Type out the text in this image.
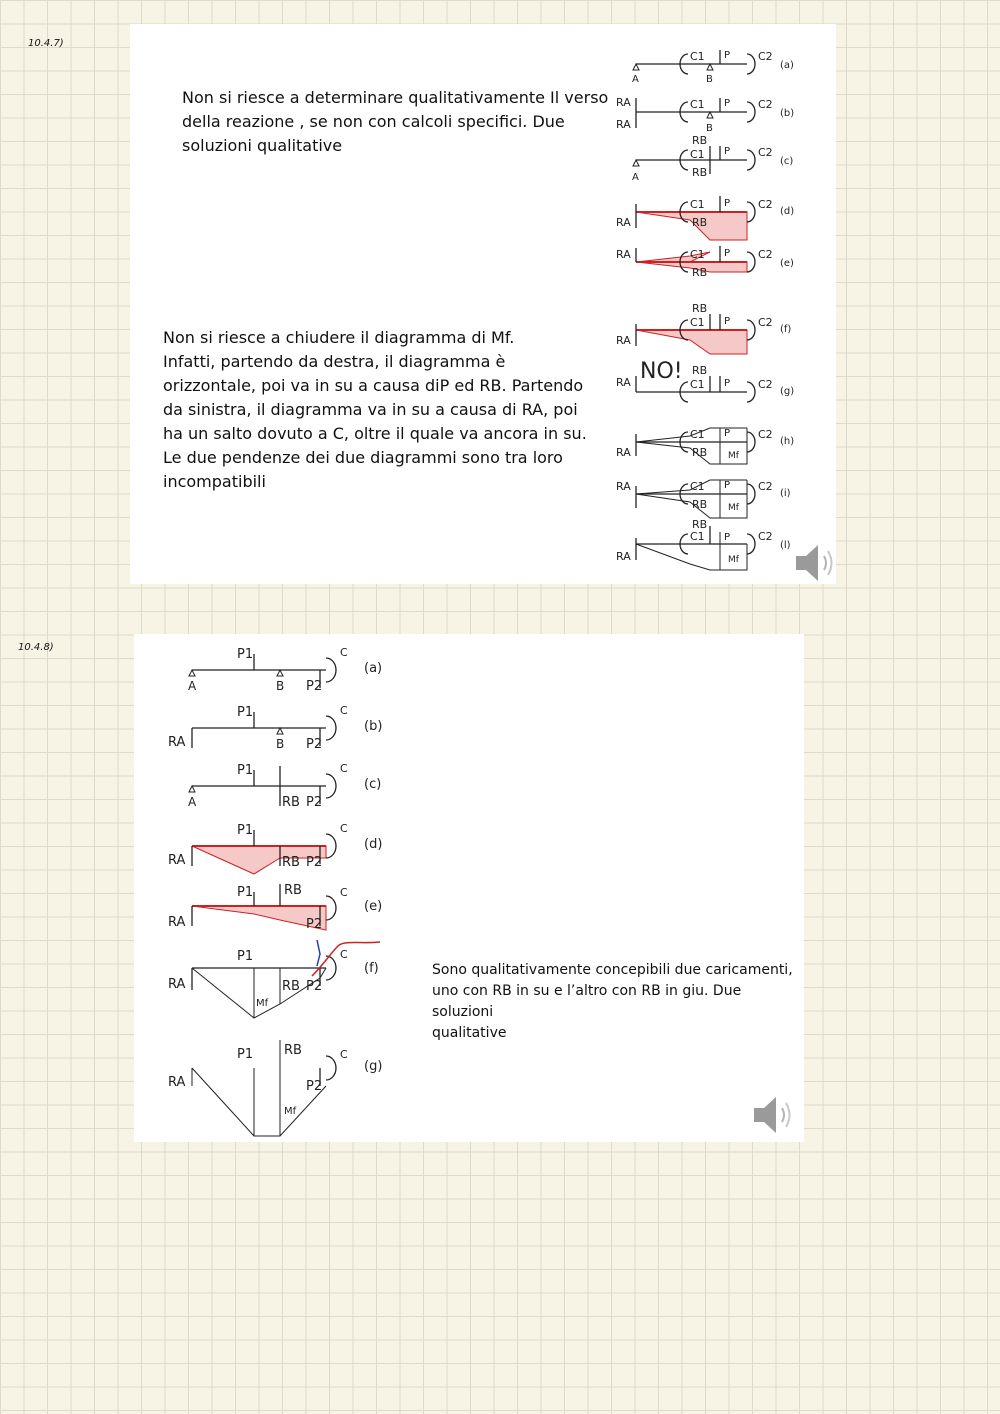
10.4.7)
10.4.8)

Non si riesce a determinare qualitativamente Il verso
della reazione , se non con calcoli specifici. Due
soluzioni qualitative

Non si riesce a chiudere il diagramma di Mf.
Infatti, partendo da destra, il diagramma è
orizzontale, poi va in su a causa diP ed RB. Partendo
da sinistra, il diagramma va in su a causa di RA, poi
ha un salto dovuto a C, oltre il quale va ancora in su.
Le due pendenze dei due diagrammi sono tra loro
incompatibili

A	B
C1 P	C2
(a)
RA
RA	B
C1 P	C2
(b)
A
RB
C1
RB
P	C2
(c)
RA
C1
RB
P	C2
(d)
RA	C1
RB
P	C2
(e)
RA
RB
C1 P	C2
(f)
RA NO! RB
C1 P	C2
(g)
RA
C1
RB
P
Mf
C2
(h)
RA	C1
RB
P
Mf
C2
(i)
RA
RB
C1 P
Mf
C2
(l)

Sono qualitativamente concepibili due caricamenti,
uno con RB in su e l’altro con RB in giu. Due soluzioni
qualitative

A	B
P1
P2
C
(a)
RA	B
P1
P2
C
(b)
A	RB
P1
P2
C
(c)
RA	RB
P1
P2
C
(d)
RA
RB
P1
P2
C
(e)
RA	RB
P1
P2
Mf
C
(f)
RA
RB
P1
P2
Mf
C
(g)
